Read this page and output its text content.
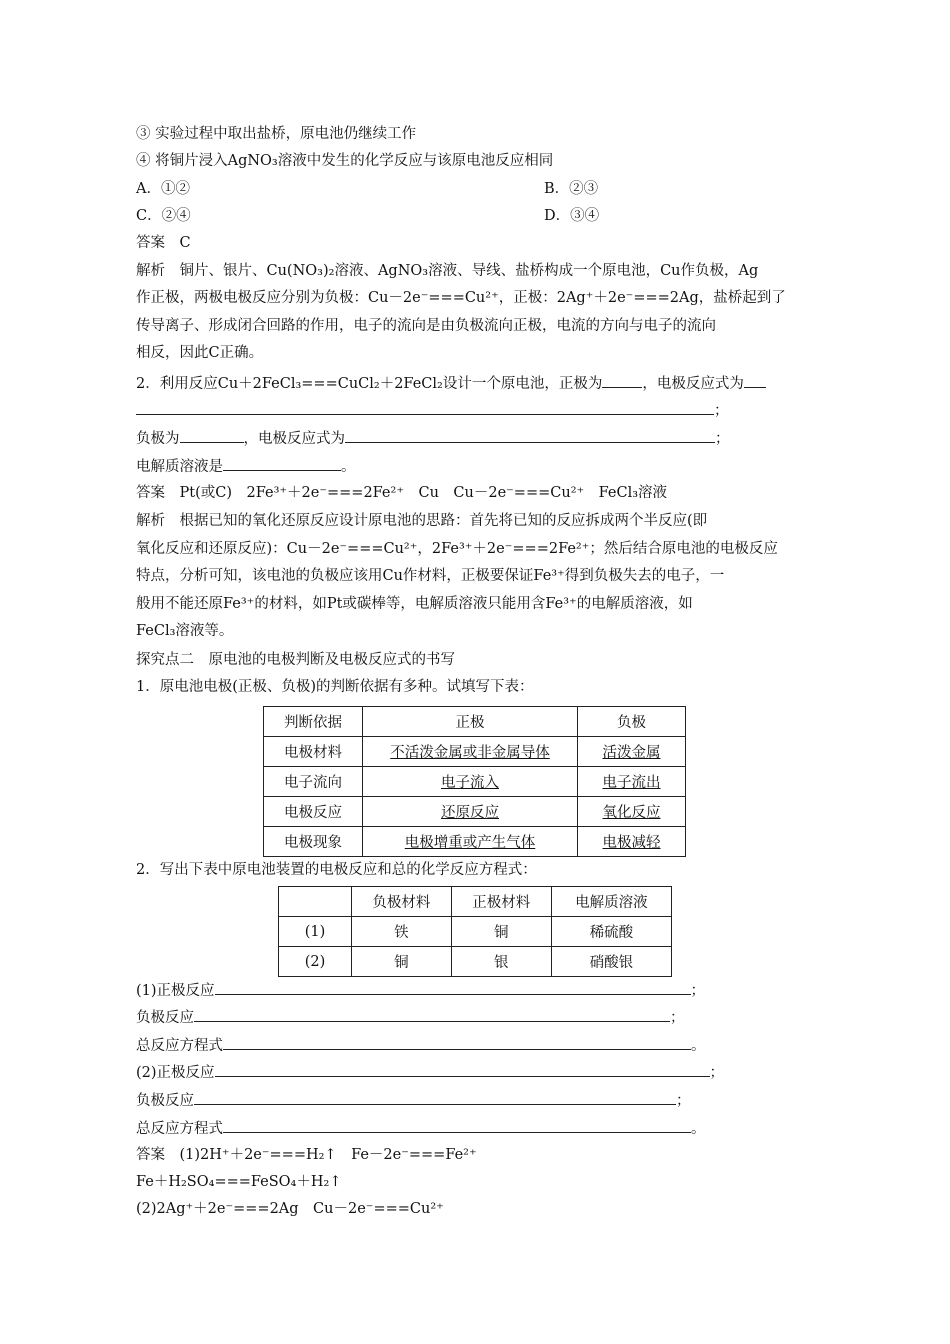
③ 实验过程中取出盐桥，原电池仍继续工作
④ 将铜片浸入AgNO₃溶液中发生的化学反应与该原电池反应相同
A．①②	B．②③
C．②④	D．③④
答案　C
解析　铜片、银片、Cu(NO₃)₂溶液、AgNO₃溶液、导线、盐桥构成一个原电池，Cu作负极，Ag
作正极，两极电极反应分别为负极：Cu－2e⁻===Cu²⁺，正极：2Ag⁺＋2e⁻===2Ag，盐桥起到了
传导离子、形成闭合回路的作用，电子的流向是由负极流向正极，电流的方向与电子的流向
相反，因此C正确。
2．利用反应Cu＋2FeCl₃===CuCl₂＋2FeCl₂设计一个原电池，正极为	，电极反应式为
；
负极为	，电极反应式为	；
电解质溶液是	。
答案　Pt(或C)　2Fe³⁺＋2e⁻===2Fe²⁺　Cu　Cu－2e⁻===Cu²⁺　FeCl₃溶液
解析　根据已知的氧化还原反应设计原电池的思路：首先将已知的反应拆成两个半反应(即
氧化反应和还原反应)：Cu－2e⁻===Cu²⁺，2Fe³⁺＋2e⁻===2Fe²⁺；然后结合原电池的电极反应
特点，分析可知，该电池的负极应该用Cu作材料，正极要保证Fe³⁺得到负极失去的电子，一
般用不能还原Fe³⁺的材料，如Pt或碳棒等，电解质溶液只能用含Fe³⁺的电解质溶液，如
FeCl₃溶液等。
探究点二　原电池的电极判断及电极反应式的书写
1．原电池电极(正极、负极)的判断依据有多种。试填写下表：
判断依据	正极	负极
电极材料	不活泼金属或非金属导体	活泼金属
电子流向	电子流入	电子流出
电极反应	还原反应	氧化反应
电极现象	电极增重或产生气体	电极减轻
2．写出下表中原电池装置的电极反应和总的化学反应方程式：
	负极材料	正极材料	电解质溶液
(1)	铁	铜	稀硫酸
(2)	铜	银	硝酸银
(1)正极反应	；
负极反应	；
总反应方程式	。
(2)正极反应	；
负极反应	；
总反应方程式	。
答案　(1)2H⁺＋2e⁻===H₂↑　Fe－2e⁻===Fe²⁺
Fe＋H₂SO₄===FeSO₄＋H₂↑
(2)2Ag⁺＋2e⁻===2Ag　Cu－2e⁻===Cu²⁺
